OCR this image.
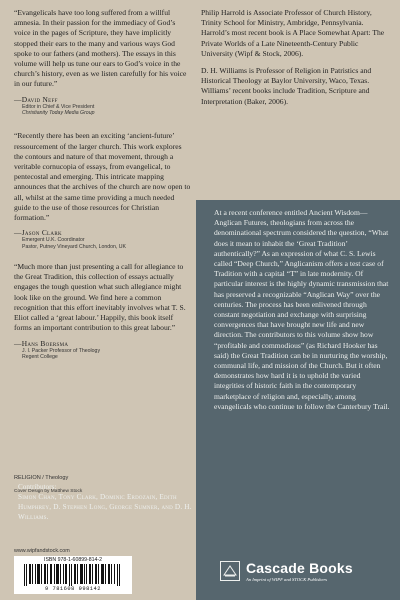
“Evangelicals have too long suffered from a willful amnesia. In their passion for the immediacy of God’s voice in the pages of Scripture, they have implicitly stopped their ears to the many and various ways God spoke to our fathers (and mothers). The essays in this volume will help us tune our ears to God’s voice in the church’s history, even as we listen carefully for his voice in our future.”

—David Neff

Editor in Chief & Vice President

Christianity Today Media Group

“Recently there has been an exciting ‘ancient-future’ ressourcement of the larger church. This work explores the contours and nature of that movement, through a veritable cornucopia of essays, from evangelical, to pentecostal and emerging. This intricate mapping announces that the archives of the church are now open to all, whilst at the same time providing a much needed guide to the use of those resources for Christian formation.”

—Jason Clark

Emergent U.K. Coordinator

Pastor, Putney Vineyard Church, London, UK

“Much more than just presenting a call for allegiance to the Great Tradition, this collection of essays actually engages the tough question what such allegiance might look like on the ground. We find here a common recognition that this effort inevitably involves what T. S. Eliot called a ‘great labour.’ Happily, this book itself forms an important contribution to this great labour.”

—Hans Boersma

J. I. Packer Professor of Theology

Regent College

RELIGION / Theology
Cover Design by Matthew Stock
www.wipfandstock.com
ISBN 978-1-60899-814-2
9 781608 998142

Philip Harrold is Associate Professor of Church History, Trinity School for Ministry, Ambridge, Pennsylvania. Harrold’s most recent book is A Place Somewhat Apart: The Private Worlds of a Late Nineteenth-Century Public University (Wipf & Stock, 2006).

D. H. Williams is Professor of Religion in Patristics and Historical Theology at Baylor University, Waco, Texas. Williams’ recent books include Tradition, Scripture and Interpretation (Baker, 2006).

At a recent conference entitled Ancient Wisdom—Anglican Futures, theologians from across the denominational spectrum considered the question, “What does it mean to inhabit the ‘Great Tradition’ authentically?” As an expression of what C. S. Lewis called “Deep Church,” Anglicanism offers a test case of Tradition with a capital “T” in late modernity. Of particular interest is the highly dynamic transmission that has preserved a recognizable “Anglican Way” over the centuries. The process has been enlivened through constant negotiation and exchange with surprising convergences that have brought new life and new direction. The contributors to this volume show how “profitable and commodious” (as Richard Hooker has said) the Great Tradition can be in nurturing the worship, communal life, and mission of the Church. But it often demonstrates how hard it is to uphold the varied integrities of historic faith in the contemporary marketplace of religion and, especially, among evangelicals who continue to follow the Canterbury Trail.

Contributors:
Simon Chan, Tony Clark, Dominic Erdozain, Edith Humphrey, D. Stephen Long, George Sumner, and D. H. Williams.

Cascade Books
An Imprint of WIPF and STOCK Publishers
